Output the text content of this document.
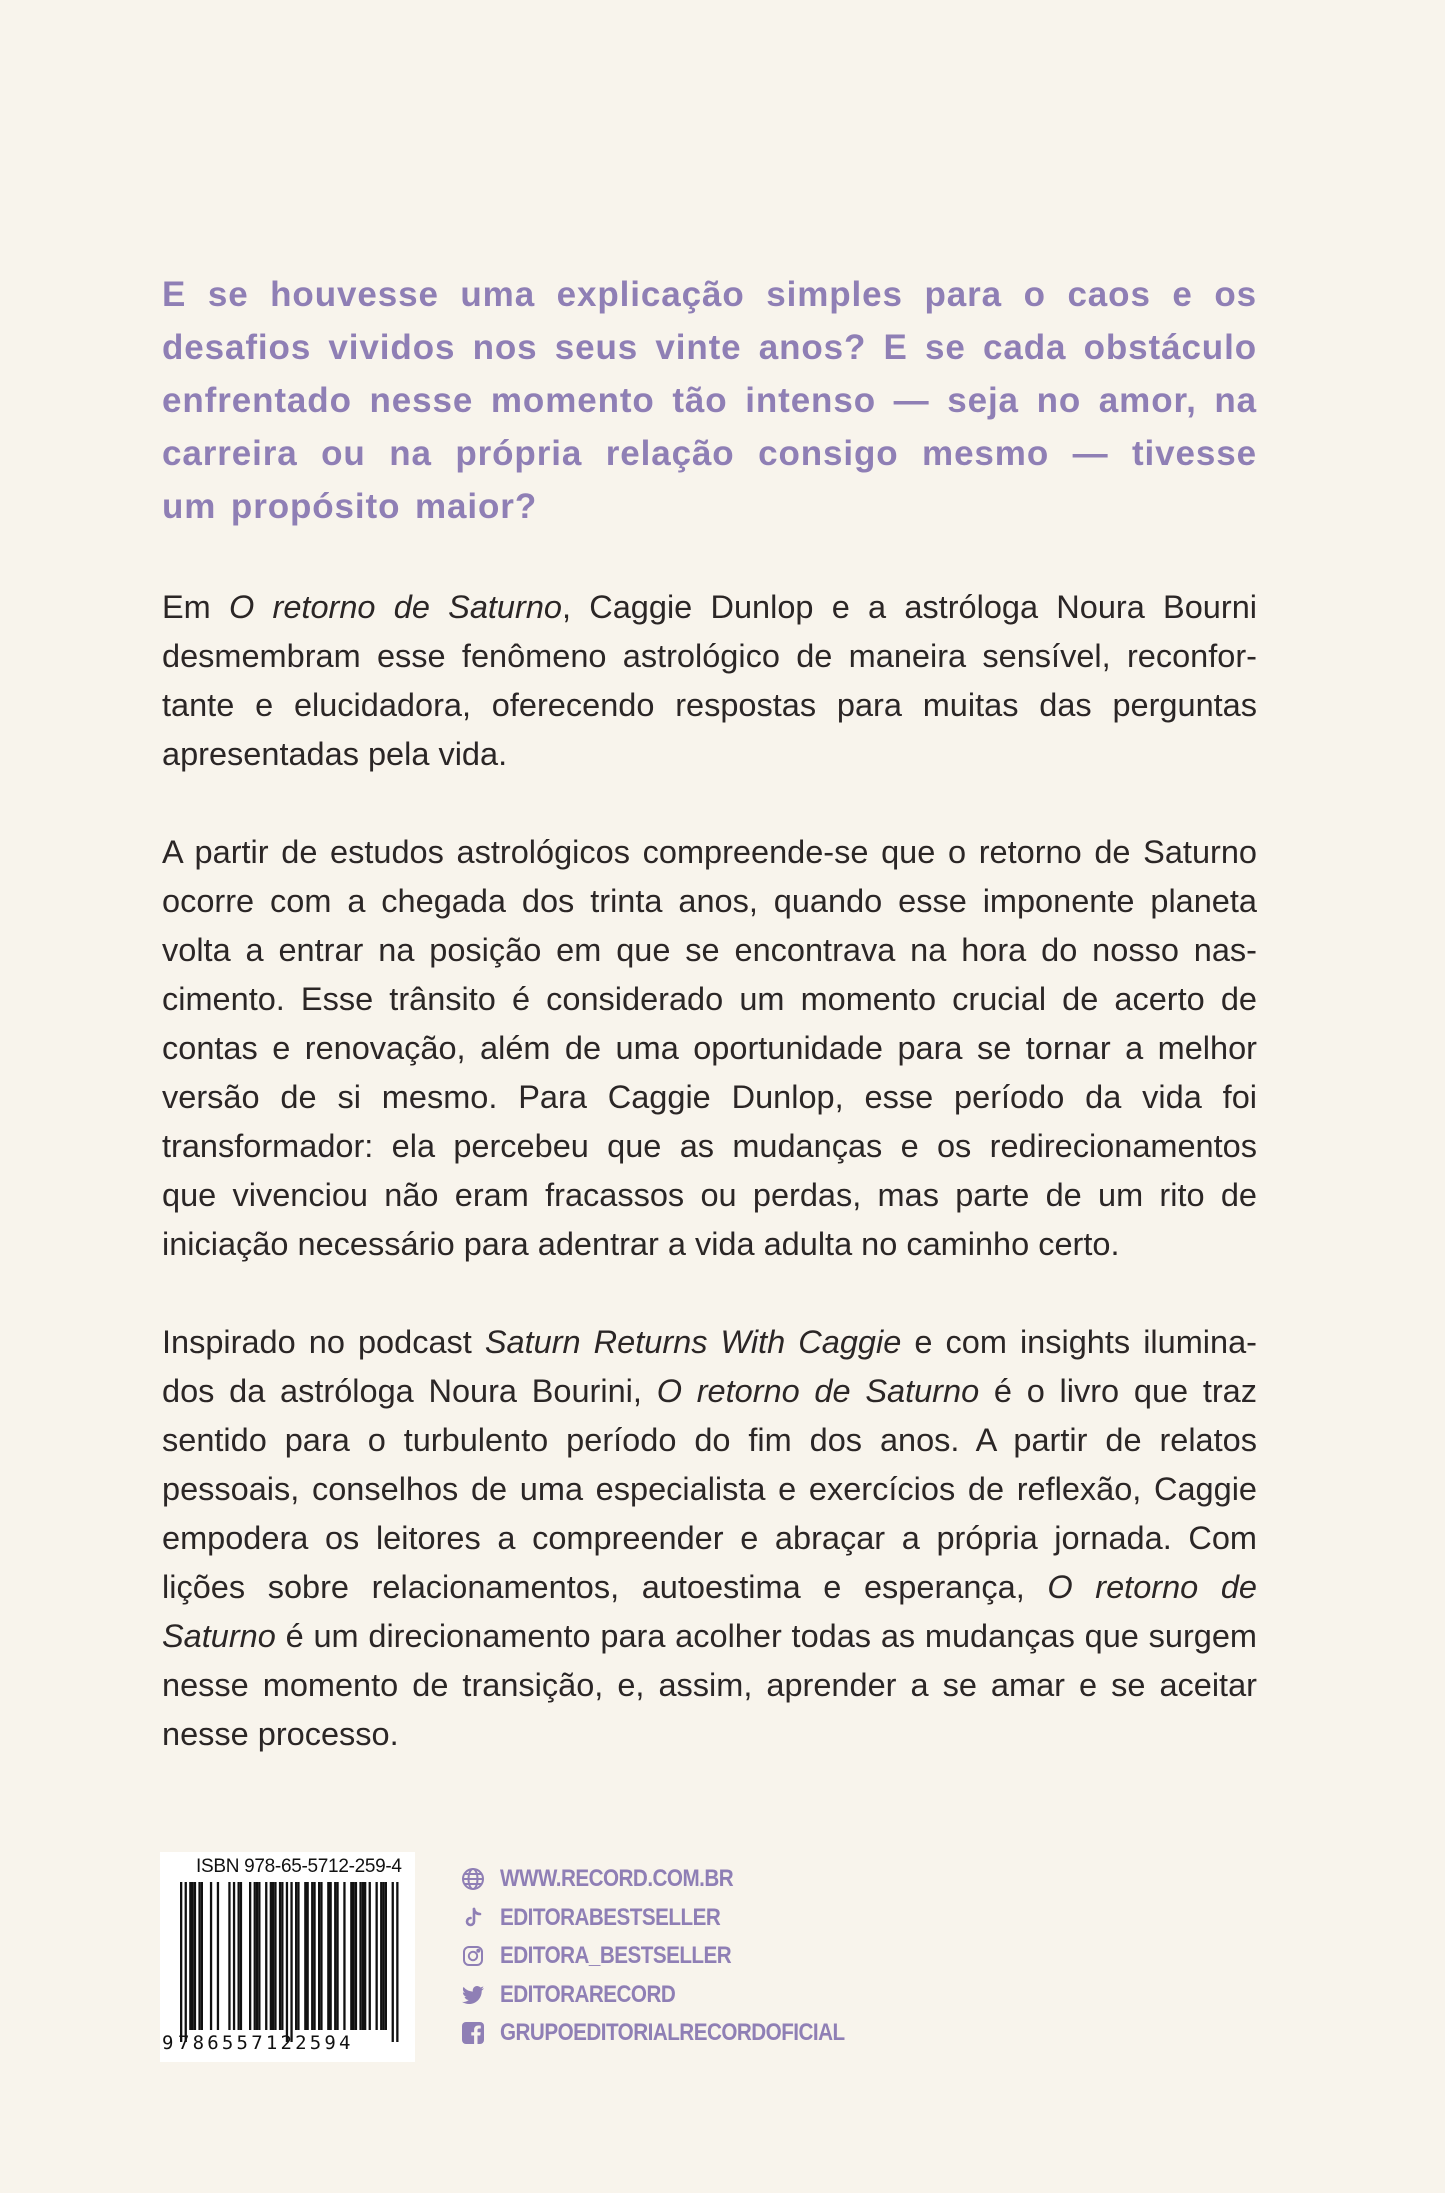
E se houvesse uma explicação simples para o caos e os
desafios vividos nos seus vinte anos? E se cada obstáculo
enfrentado nesse momento tão intenso — seja no amor, na
carreira ou na própria relação consigo mesmo — tivesse
um propósito maior?
Em O retorno de Saturno, Caggie Dunlop e a astróloga Noura Bourni
desmembram esse fenômeno astrológico de maneira sensível, reconfor-
tante e elucidadora, oferecendo respostas para muitas das perguntas
apresentadas pela vida.
A partir de estudos astrológicos compreende-se que o retorno de Saturno
ocorre com a chegada dos trinta anos, quando esse imponente planeta
volta a entrar na posição em que se encontrava na hora do nosso nas-
cimento. Esse trânsito é considerado um momento crucial de acerto de
contas e renovação, além de uma oportunidade para se tornar a melhor
versão de si mesmo. Para Caggie Dunlop, esse período da vida foi
transformador: ela percebeu que as mudanças e os redirecionamentos
que vivenciou não eram fracassos ou perdas, mas parte de um rito de
iniciação necessário para adentrar a vida adulta no caminho certo.
Inspirado no podcast Saturn Returns With Caggie e com insights ilumina-
dos da astróloga Noura Bourini, O retorno de Saturno é o livro que traz
sentido para o turbulento período do fim dos anos. A partir de relatos
pessoais, conselhos de uma especialista e exercícios de reflexão, Caggie
empodera os leitores a compreender e abraçar a própria jornada. Com
lições sobre relacionamentos, autoestima e esperança, O retorno de
Saturno é um direcionamento para acolher todas as mudanças que surgem
nesse momento de transição, e, assim, aprender a se amar e se aceitar
nesse processo.
ISBN 978-65-5712-259-4
9 786557122594
WWW.RECORD.COM.BR
EDITORABESTSELLER
EDITORA_BESTSELLER
EDITORARECORD
GRUPOEDITORIALRECORDOFICIAL
